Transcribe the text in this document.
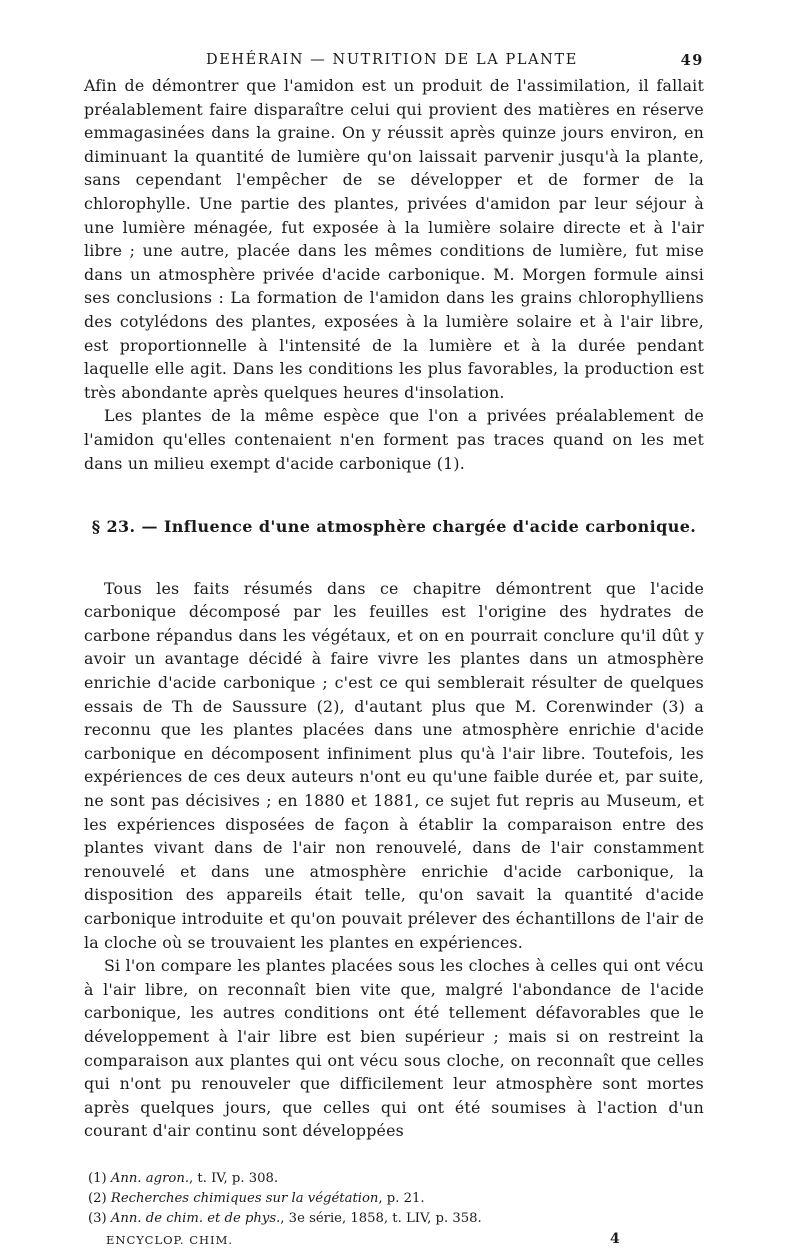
DEHÉRAIN — NUTRITION DE LA PLANTE	49

Afin de démontrer que l'amidon est un produit de l'assimilation, il fallait préalablement faire disparaître celui qui provient des matières en réserve emmagasinées dans la graine. On y réussit après quinze jours environ, en diminuant la quantité de lumière qu'on laissait parvenir jusqu'à la plante, sans cependant l'empêcher de se développer et de former de la chlorophylle. Une partie des plantes, privées d'amidon par leur séjour à une lumière ménagée, fut exposée à la lumière solaire directe et à l'air libre ; une autre, placée dans les mêmes conditions de lumière, fut mise dans un atmosphère privée d'acide carbonique. M. Morgen formule ainsi ses conclusions : La formation de l'amidon dans les grains chlorophylliens des cotylédons des plantes, exposées à la lumière solaire et à l'air libre, est proportionnelle à l'intensité de la lumière et à la durée pendant laquelle elle agit. Dans les conditions les plus favorables, la production est très abondante après quelques heures d'insolation.

Les plantes de la même espèce que l'on a privées préalablement de l'amidon qu'elles contenaient n'en forment pas traces quand on les met dans un milieu exempt d'acide carbonique (1).

§ 23. — Influence d'une atmosphère chargée d'acide carbonique.

Tous les faits résumés dans ce chapitre démontrent que l'acide carbonique décomposé par les feuilles est l'origine des hydrates de carbone répandus dans les végétaux, et on en pourrait conclure qu'il dût y avoir un avantage décidé à faire vivre les plantes dans un atmosphère enrichie d'acide carbonique ; c'est ce qui semblerait résulter de quelques essais de Th de Saussure (2), d'autant plus que M. Corenwinder (3) a reconnu que les plantes placées dans une atmosphère enrichie d'acide carbonique en décomposent infiniment plus qu'à l'air libre. Toutefois, les expériences de ces deux auteurs n'ont eu qu'une faible durée et, par suite, ne sont pas décisives ; en 1880 et 1881, ce sujet fut repris au Museum, et les expériences disposées de façon à établir la comparaison entre des plantes vivant dans de l'air non renouvelé, dans de l'air constamment renouvelé et dans une atmosphère enrichie d'acide carbonique, la disposition des appareils était telle, qu'on savait la quantité d'acide carbonique introduite et qu'on pouvait prélever des échantillons de l'air de la cloche où se trouvaient les plantes en expériences.

Si l'on compare les plantes placées sous les cloches à celles qui ont vécu à l'air libre, on reconnaît bien vite que, malgré l'abondance de l'acide carbonique, les autres conditions ont été tellement défavorables que le développement à l'air libre est bien supérieur ; mais si on restreint la comparaison aux plantes qui ont vécu sous cloche, on reconnaît que celles qui n'ont pu renouveler que difficilement leur atmosphère sont mortes après quelques jours, que celles qui ont été soumises à l'action d'un courant d'air continu sont développées

(1) Ann. agron., t. IV, p. 308.

(2) Recherches chimiques sur la végétation, p. 21.

(3) Ann. de chim. et de phys., 3e série, 1858, t. LIV, p. 358.

ENCYCLOP. CHIM.	4
